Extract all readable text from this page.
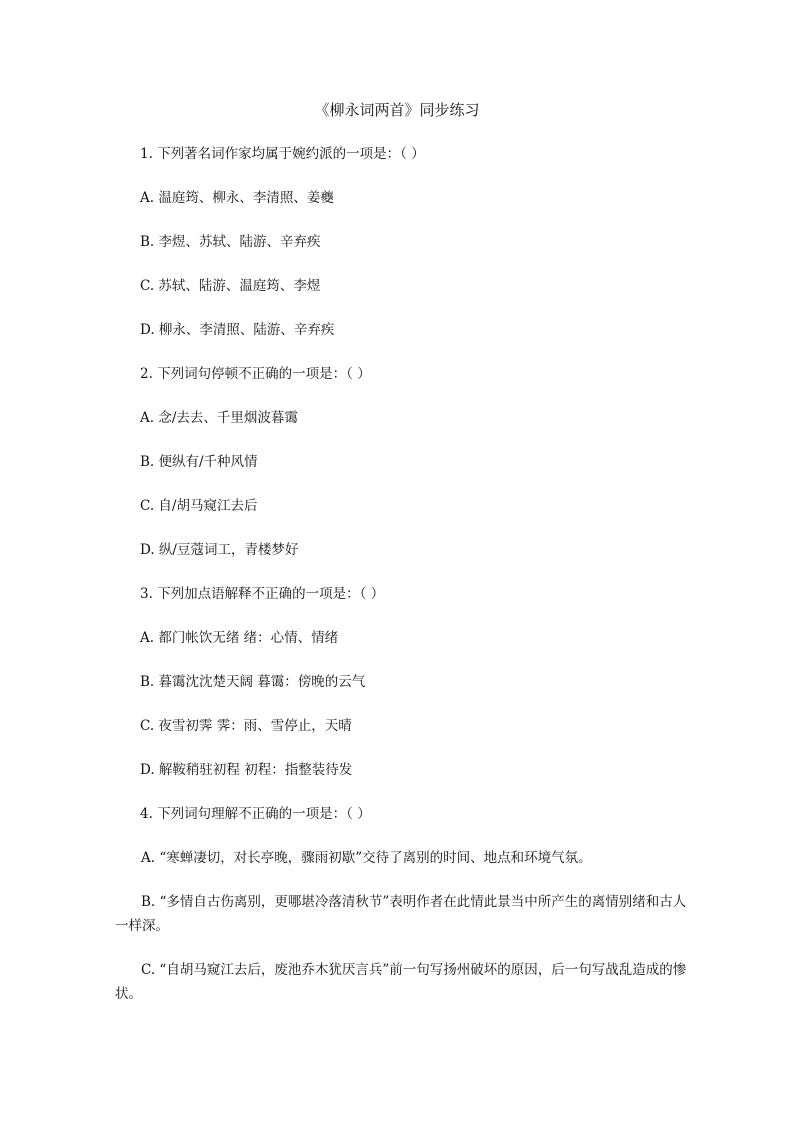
《柳永词两首》同步练习
1. 下列著名词作家均属于婉约派的一项是：（ ）
A. 温庭筠、柳永、李清照、姜夔
B. 李煜、苏轼、陆游、辛弃疾
C. 苏轼、陆游、温庭筠、李煜
D. 柳永、李清照、陆游、辛弃疾
2. 下列词句停顿不正确的一项是：（ ）
A. 念/去去、千里烟波暮霭
B. 便纵有/千种风情
C. 自/胡马窥江去后
D. 纵/豆蔻词工，青楼梦好
3. 下列加点语解释不正确的一项是：（ ）
A. 都门帐饮无绪 绪：心情、情绪
B. 暮霭沈沈楚天阔 暮霭：傍晚的云气
C. 夜雪初霁 霁：雨、雪停止，天晴
D. 解鞍稍驻初程 初程：指整装待发
4. 下列词句理解不正确的一项是：（ ）
A. “寒蝉凄切，对长亭晚，骤雨初歇”交待了离别的时间、地点和环境气氛。
B. “多情自古伤离别，更哪堪冷落清秋节”表明作者在此情此景当中所产生的离情别绪和古人一样深。
C. “自胡马窥江去后，废池乔木犹厌言兵”前一句写扬州破坏的原因，后一句写战乱造成的惨状。
